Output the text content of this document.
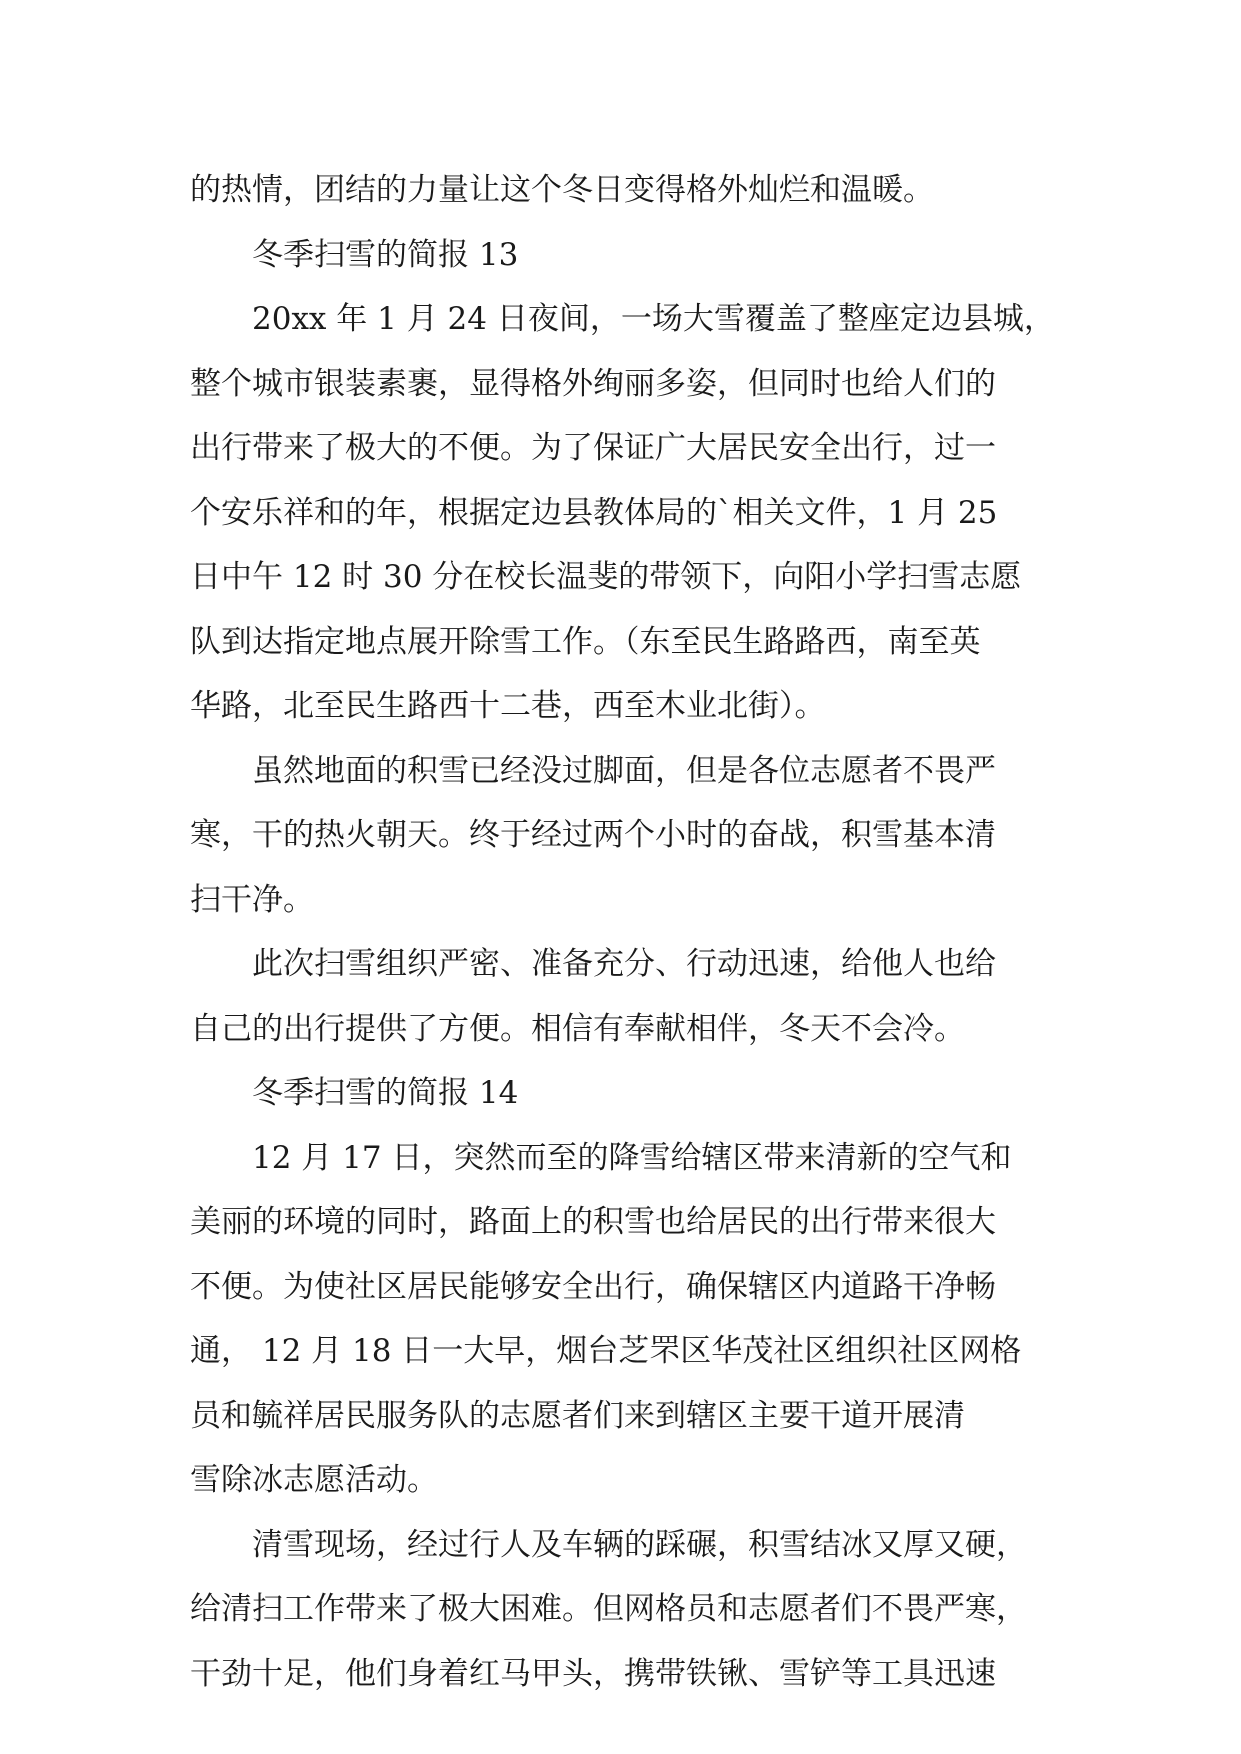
的热情，团结的力量让这个冬日变得格外灿烂和温暖。
冬季扫雪的简报 13
20xx 年 1 月 24 日夜间，一场大雪覆盖了整座定边县城，
整个城市银装素裹，显得格外绚丽多姿，但同时也给人们的
出行带来了极大的不便。为了保证广大居民安全出行，过一
个安乐祥和的年，根据定边县教体局的`相关文件，1 月 25
日中午 12 时 30 分在校长温斐的带领下，向阳小学扫雪志愿
队到达指定地点展开除雪工作。（东至民生路路西，南至英
华路，北至民生路西十二巷，西至木业北街）。
虽然地面的积雪已经没过脚面，但是各位志愿者不畏严
寒，干的热火朝天。终于经过两个小时的奋战，积雪基本清
扫干净。
此次扫雪组织严密、准备充分、行动迅速，给他人也给
自己的出行提供了方便。相信有奉献相伴，冬天不会冷。
冬季扫雪的简报 14
12 月 17 日，突然而至的降雪给辖区带来清新的空气和
美丽的环境的同时，路面上的积雪也给居民的出行带来很大
不便。为使社区居民能够安全出行，确保辖区内道路干净畅
通， 12 月 18 日一大早，烟台芝罘区华茂社区组织社区网格
员和毓祥居民服务队的志愿者们来到辖区主要干道开展清
雪除冰志愿活动。
清雪现场，经过行人及车辆的踩碾，积雪结冰又厚又硬，
给清扫工作带来了极大困难。但网格员和志愿者们不畏严寒，
干劲十足，他们身着红马甲头，携带铁锹、雪铲等工具迅速
